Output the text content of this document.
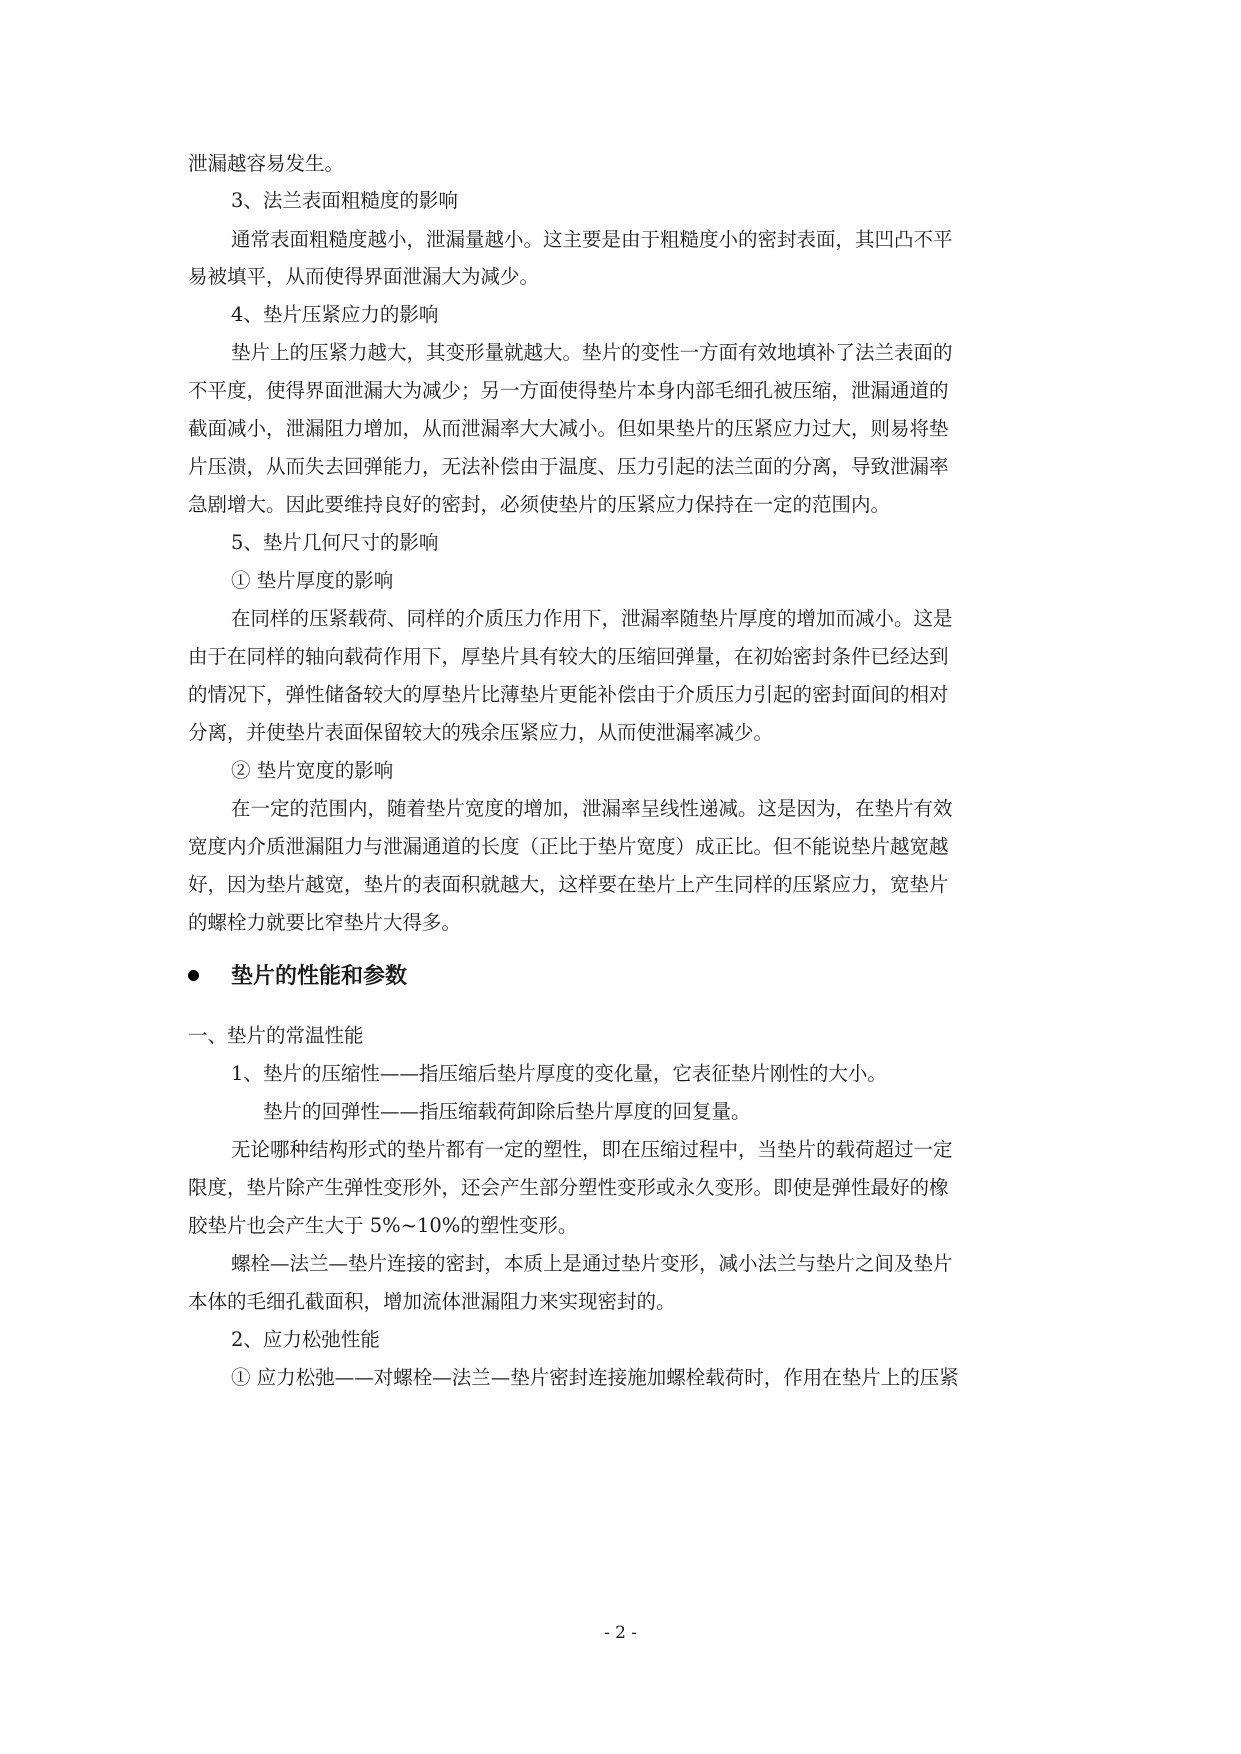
泄漏越容易发生。
3、法兰表面粗糙度的影响
通常表面粗糙度越小，泄漏量越小。这主要是由于粗糙度小的密封表面，其凹凸不平
易被填平，从而使得界面泄漏大为减少。
4、垫片压紧应力的影响
垫片上的压紧力越大，其变形量就越大。垫片的变性一方面有效地填补了法兰表面的
不平度，使得界面泄漏大为减少；另一方面使得垫片本身内部毛细孔被压缩，泄漏通道的
截面减小，泄漏阻力增加，从而泄漏率大大减小。但如果垫片的压紧应力过大，则易将垫
片压溃，从而失去回弹能力，无法补偿由于温度、压力引起的法兰面的分离，导致泄漏率
急剧增大。因此要维持良好的密封，必须使垫片的压紧应力保持在一定的范围内。
5、垫片几何尺寸的影响
① 垫片厚度的影响
在同样的压紧载荷、同样的介质压力作用下，泄漏率随垫片厚度的增加而减小。这是
由于在同样的轴向载荷作用下，厚垫片具有较大的压缩回弹量，在初始密封条件已经达到
的情况下，弹性储备较大的厚垫片比薄垫片更能补偿由于介质压力引起的密封面间的相对
分离，并使垫片表面保留较大的残余压紧应力，从而使泄漏率减少。
② 垫片宽度的影响
在一定的范围内，随着垫片宽度的增加，泄漏率呈线性递减。这是因为，在垫片有效
宽度内介质泄漏阻力与泄漏通道的长度（正比于垫片宽度）成正比。但不能说垫片越宽越
好，因为垫片越宽，垫片的表面积就越大，这样要在垫片上产生同样的压紧应力，宽垫片
的螺栓力就要比窄垫片大得多。
垫片的性能和参数
一、垫片的常温性能
1、垫片的压缩性——指压缩后垫片厚度的变化量，它表征垫片刚性的大小。
垫片的回弹性——指压缩载荷卸除后垫片厚度的回复量。
无论哪种结构形式的垫片都有一定的塑性，即在压缩过程中，当垫片的载荷超过一定
限度，垫片除产生弹性变形外，还会产生部分塑性变形或永久变形。即使是弹性最好的橡
胶垫片也会产生大于 5%~10%的塑性变形。
螺栓—法兰—垫片连接的密封，本质上是通过垫片变形，减小法兰与垫片之间及垫片
本体的毛细孔截面积，增加流体泄漏阻力来实现密封的。
2、应力松弛性能
① 应力松弛——对螺栓—法兰—垫片密封连接施加螺栓载荷时，作用在垫片上的压紧
- 2 -
